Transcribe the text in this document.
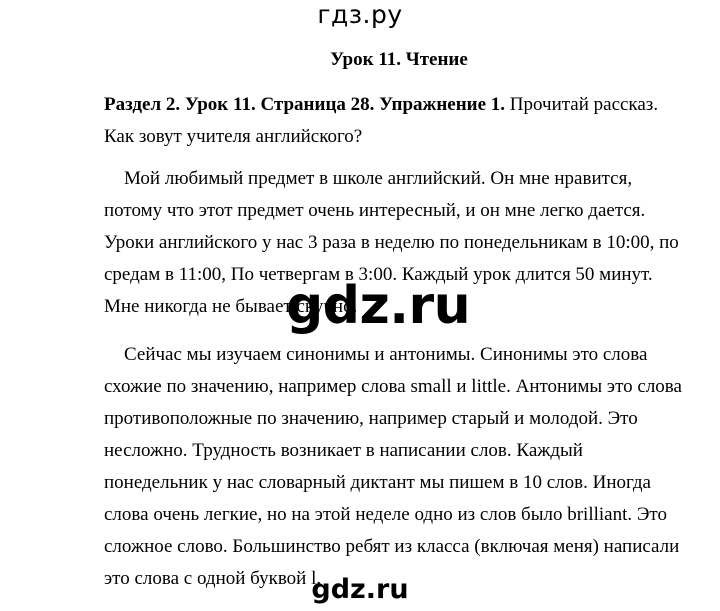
гдз.ру
Урок 11. Чтение
Раздел 2. Урок 11. Страница 28. Упражнение 1. Прочитай рассказ. Как зовут учителя английского?

Мой любимый предмет в школе английский. Он мне нравится, потому что этот предмет очень интересный, и он мне легко дается. Уроки английского у нас 3 раза в неделю по понедельникам в 10:00, по средам в 11:00, По четвергам в 3:00. Каждый урок длится 50 минут. Мне никогда не бывает скучно.

Сейчас мы изучаем синонимы и антонимы. Синонимы это слова схожие по значению, например слова small и little. Антонимы это слова противоположные по значению, например старый и молодой. Это несложно. Трудность возникает в написании слов. Каждый понедельник у нас словарный диктант мы пишем в 10 слов. Иногда слова очень легкие, но на этой неделе одно из слов было brilliant. Это сложное слово. Большинство ребят из класса (включая меня) написали это слова с одной буквой l.

gdz.ru
gdz.ru
